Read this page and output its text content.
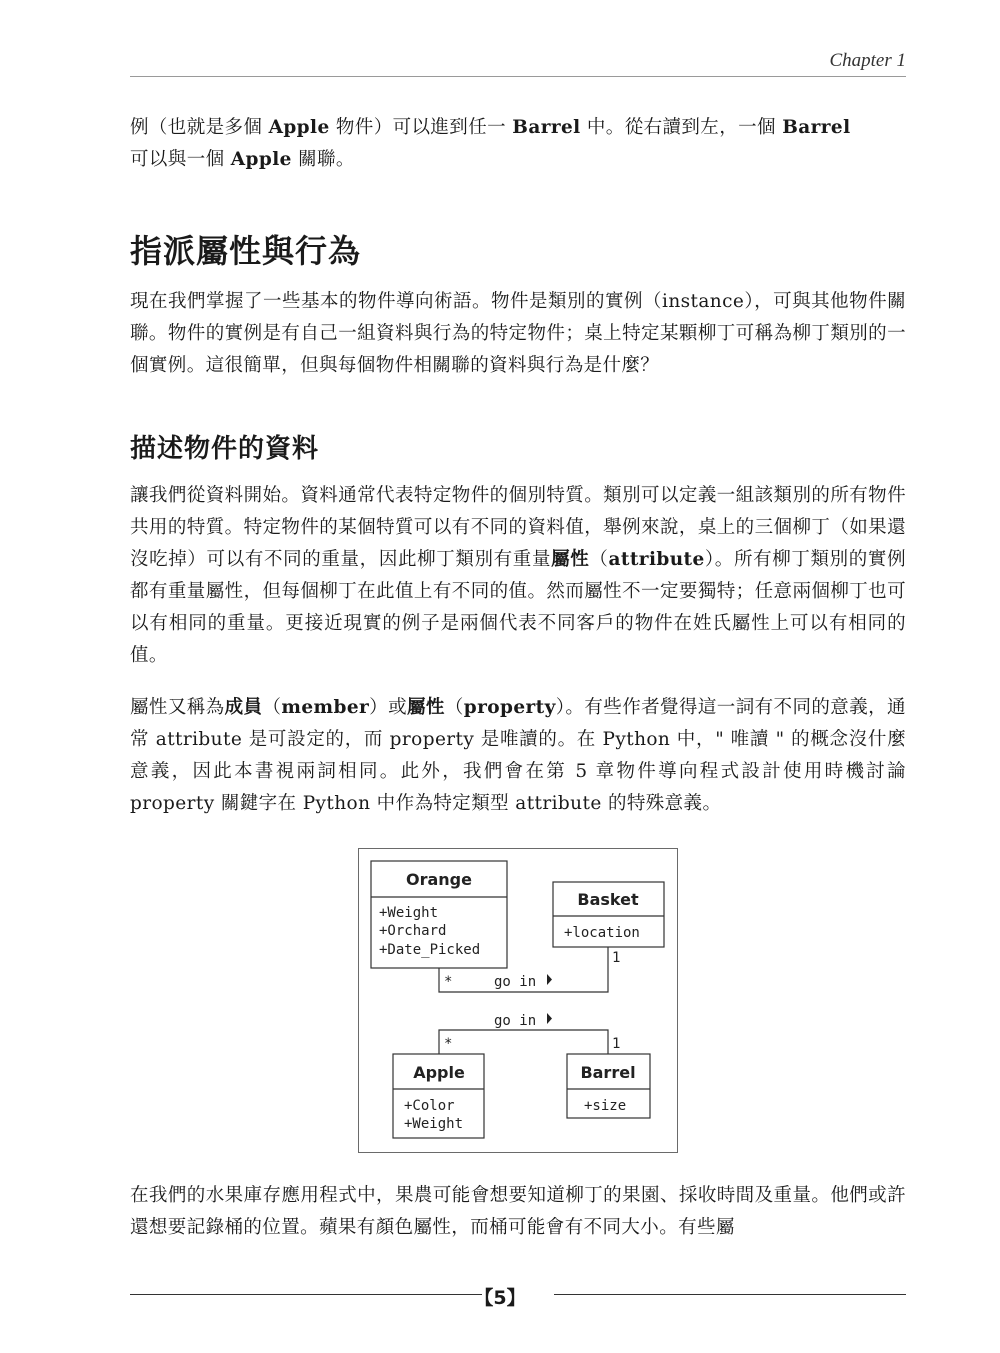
Chapter 1
例（也就是多個 Apple 物件）可以進到任一 Barrel 中。從右讀到左，一個 Barrel
可以與一個 Apple 關聯。
指派屬性與行為
現在我們掌握了一些基本的物件導向術語。物件是類別的實例（instance），可與其他物件關聯。物件的實例是有自己一組資料與行為的特定物件；桌上特定某顆柳丁可稱為柳丁類別的一個實例。這很簡單，但與每個物件相關聯的資料與行為是什麼？
描述物件的資料
讓我們從資料開始。資料通常代表特定物件的個別特質。類別可以定義一組該類別的所有物件共用的特質。特定物件的某個特質可以有不同的資料值，舉例來說，桌上的三個柳丁（如果還沒吃掉）可以有不同的重量，因此柳丁類別有重量屬性（attribute）。所有柳丁類別的實例都有重量屬性，但每個柳丁在此值上有不同的值。然而屬性不一定要獨特；任意兩個柳丁也可以有相同的重量。更接近現實的例子是兩個代表不同客戶的物件在姓氏屬性上可以有相同的值。
屬性又稱為成員（member）或屬性（property）。有些作者覺得這一詞有不同的意義，通常 attribute 是可設定的，而 property 是唯讀的。在 Python 中，" 唯讀 " 的概念沒什麼意義，因此本書視兩詞相同。此外，我們會在第 5 章物件導向程式設計使用時機討論 property 關鍵字在 Python 中作為特定類型 attribute 的特殊意義。
Orange
+Weight
+Orchard
+Date_Picked
Basket
+location
*
1
go in
go in
*	1
Apple
+Color
+Weight
Barrel
+size
在我們的水果庫存應用程式中，果農可能會想要知道柳丁的果園、採收時間及重量。他們或許還想要記錄桶的位置。蘋果有顏色屬性，而桶可能會有不同大小。有些屬
【5】
